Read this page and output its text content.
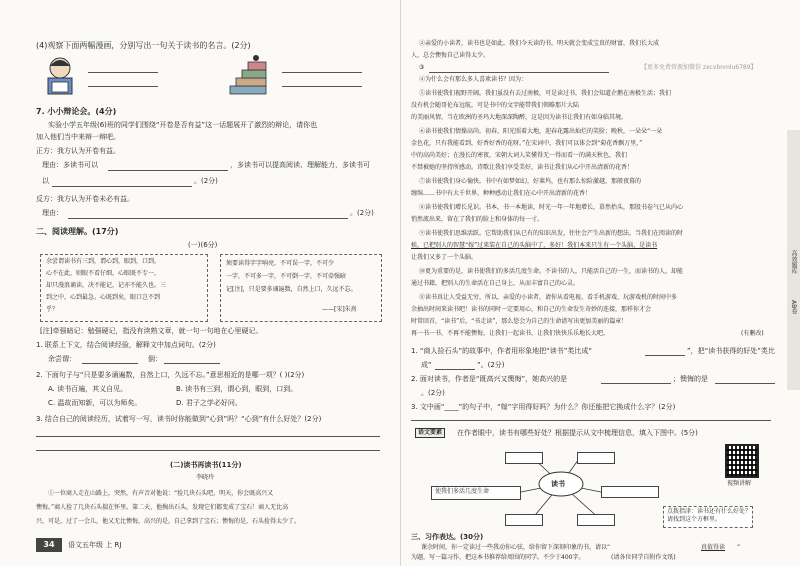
(4)观察下面两幅漫画，分别写出一句关于读书的名言。(2分)
7. 小小辩论会。(4分)
实验小学五年级(6)班的同学们围绕“开卷是否有益”这一话题展开了激烈的辩论，请你也
加入他们当中来辩一辩吧。
正方：我方认为开卷有益。
理由：多读书可以	，多读书可以提高阅读、理解能力，多读书可
以	。(2分)
反方：我方认为开卷未必有益。
理由：	。(2分)
二、阅读理解。(17分)
(一)(6分)
余尝谓读书有三到，谓心到，眼到，口到。
心不在此，则眼不看仔细，心眼既不专一，
却只漫浪诵读，决不能记，记亦不能久也。三
到之中，心到最急。心既到矣，眼口岂不到
乎？
须要读得字字响亮，不可误一字，不可少
一字，不可多一字，不可倒一字，不可牵强暗
记[注]，只是要多诵遍数，自然上口，久远不忘。
——[宋]朱熹
[注]牵强暗记：勉强硬记，指没有读熟文章，就一句一句地在心里硬记。
1. 联系上下文，结合阅读经验，解释文中加点词句。(2分)
余尝谓：	倒：
2. 下面句子与“只是要多诵遍数，自然上口，久远不忘。”意思相近的是哪一项？( )(2分)
A. 读书百遍，其义自见。	B. 读书有三到，谓心到，眼到，口到。
C. 温故而知新，可以为师矣。	D. 君子之学必好问。
3. 结合自己的阅读经历，试着写一写，读书时你能做到“心到”吗？“心到”有什么好处？(2分)
(二)读书再读书(11分)
李晓玲
①一位商人走在山路上，突然，有声音对他说：“捡几块石头吧，明天，你会既高兴又
懊悔。”商人捡了几块石头揣在怀里。第二天，他掏出石头，发现它们都变成了宝石！商人无比高
兴，可是，过了一会儿，他又无比懊悔。高兴的是，自己拿到了宝石；懊悔的是，石头捡得太少了。
34	语文五年级 上 RJ
②亲爱的小读者，读书也是如此。我们今天读的书，明天就会变成宝贵的财富，我们长大成
人，总会懊悔自己读得太少。
③	【更多免费资源加微信 zxcvbnmlu6789】
④为什么会有那么多人喜欢读书？因为：
⑤读书使我们视野开阔。我们虽没有去过南极，可是读过书，我们会知道企鹅在南极生活；我们
没有机会随哥伦布远航，可是书中的文字能带我们领略那片大陆
的美丽风情，当在欧洲的圣玛大地深深陶醉，这是因为读书让我们有如身临其境。
⑥读书使我们情操高尚。初春，阳光照着大地，迎春花露出灿烂的笑脸；晚秋，一朵朵“一朵
金色花，只有我能看到，好香好香的花呀。”在宋词中，我们可以体会到“菊花香飘万里，”
中的高尚美好；在漫长的寒夜，宋朝大词人笑懂得无一得而看一的满天秋色，我们
不禁被她的坚持所感动。诗歌让我们享受美好，读书让我们从心中开出清新的花香！
⑦读书使我们身心愉快。书中有如梦如幻，好莱坞，也有那么惊险激越，那般夜幕的
缠绵……书中有大千世界，种种感动让我们在心中开出清新的花香！
⑧读书使我们增长见识。书本，书一本地读，时光一年一年地增长，慕然抬头，那股书卷气已从内心
悄然流出来，留在了我们的脸上和身体的每一寸。
⑨读书使我们思维活跃。它帮助我们从已有的知识出发，往往会产生出新的想法。当我们在阅读的时
候，已把别人的智慧“嫁”过来装在自己的头脑中了，多好！我们本来只生有一个头脑，是读书
让我们又多了一个头脑。
⑩更为重要的是，读书使我们的多活几度生命。不读书的人，只能活自己的一生，而读书的人，却能
通过书籍，把别人的生命活在自己身上，从而丰富自己的心灵。
⑪读书真让人受益无穷，所以，亲爱的小读者，请你从看电视、看手机游戏、玩游戏机的时间中多
余抽出时间来读书吧！读书的同时一定要用心，和自己的生命发生奇妙的连接，那样你才会
时常回首，“读书”后，“书走读”，那么您会为自己的生命谱写出更加美丽的篇章！
再一书一书，不再不能懊悔，让我们一起读书，让我们快快乐乐地长大吧。	(有删改)
1. “商人捡石头”的故事中，作者用形象地把“读书”类比成“	”，把“读书获得的好处”类比
成“	”。(2分)
2. 面对读书，作者是“既高兴又懊悔”，她高兴的是	；懊悔的是
。(2分)
3. 文中画“____”的句子中，“嫁”字用得好吗？为什么？你还能把它换成什么字？(2分)
语文要素	在作者眼中，读书有哪些好处？根据提示从文中梳理信息，填入下图中。(5分)
读书
使我们多活几度生命
点拨指津：读书还有什么好处？请找到这个方框里。
视频讲解
三、习作表达。(30分)
课余时间，你一定读过一些我动你心弦，给你留下深刻印象的书，请以“	真值得读 ”
为题，写一篇习作，把这本书推荐给周围的同学。不少于400字。	(请各位同学自附作文纸)
高效题库
AB卷
